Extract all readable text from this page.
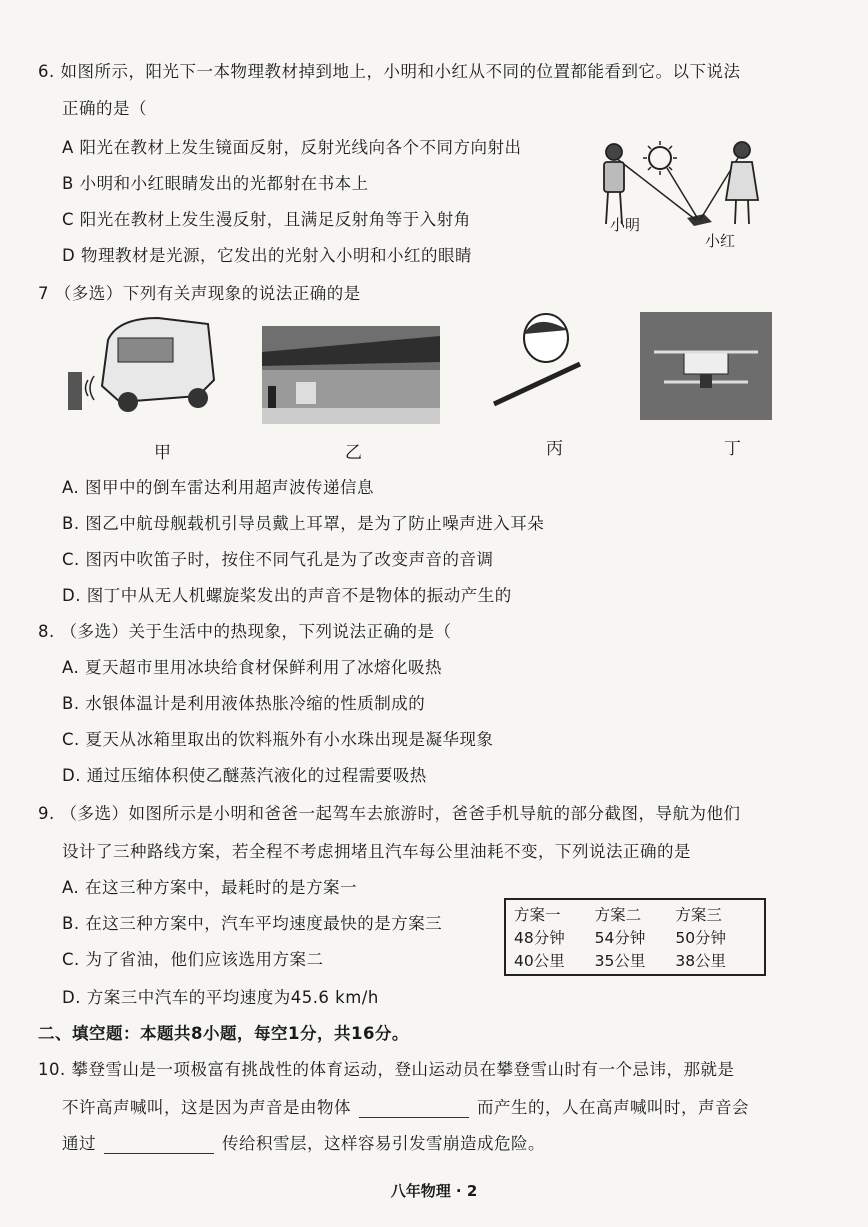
6. 如图所示，阳光下一本物理教材掉到地上，小明和小红从不同的位置都能看到它。以下说法
正确的是（
A 阳光在教材上发生镜面反射，反射光线向各个不同方向射出
B 小明和小红眼睛发出的光都射在书本上
C 阳光在教材上发生漫反射，且满足反射角等于入射角
D 物理教材是光源，它发出的光射入小明和小红的眼睛
小明
小红
7 （多选）下列有关声现象的说法正确的是
甲	乙	丙	丁
A. 图甲中的倒车雷达利用超声波传递信息
B. 图乙中航母舰载机引导员戴上耳罩，是为了防止噪声进入耳朵
C. 图丙中吹笛子时，按住不同气孔是为了改变声音的音调
D. 图丁中从无人机螺旋桨发出的声音不是物体的振动产生的
8. （多选）关于生活中的热现象，下列说法正确的是（
A. 夏天超市里用冰块给食材保鲜利用了冰熔化吸热
B. 水银体温计是利用液体热胀冷缩的性质制成的
C. 夏天从冰箱里取出的饮料瓶外有小水珠出现是凝华现象
D. 通过压缩体积使乙醚蒸汽液化的过程需要吸热
9. （多选）如图所示是小明和爸爸一起驾车去旅游时，爸爸手机导航的部分截图，导航为他们
设计了三种路线方案，若全程不考虑拥堵且汽车每公里油耗不变，下列说法正确的是
A. 在这三种方案中，最耗时的是方案一
B. 在这三种方案中，汽车平均速度最快的是方案三
C. 为了省油，他们应该选用方案二
D. 方案三中汽车的平均速度为45.6 km/h
方案一	方案二	方案三
48分钟	54分钟	50分钟
40公里	35公里	38公里
二、填空题：本题共8小题，每空1分，共16分。
10. 攀登雪山是一项极富有挑战性的体育运动，登山运动员在攀登雪山时有一个忌讳，那就是
不许高声喊叫，这是因为声音是由物体	而产生的，人在高声喊叫时，声音会
通过	传给积雪层，这样容易引发雪崩造成危险。
八年物理 · 2
